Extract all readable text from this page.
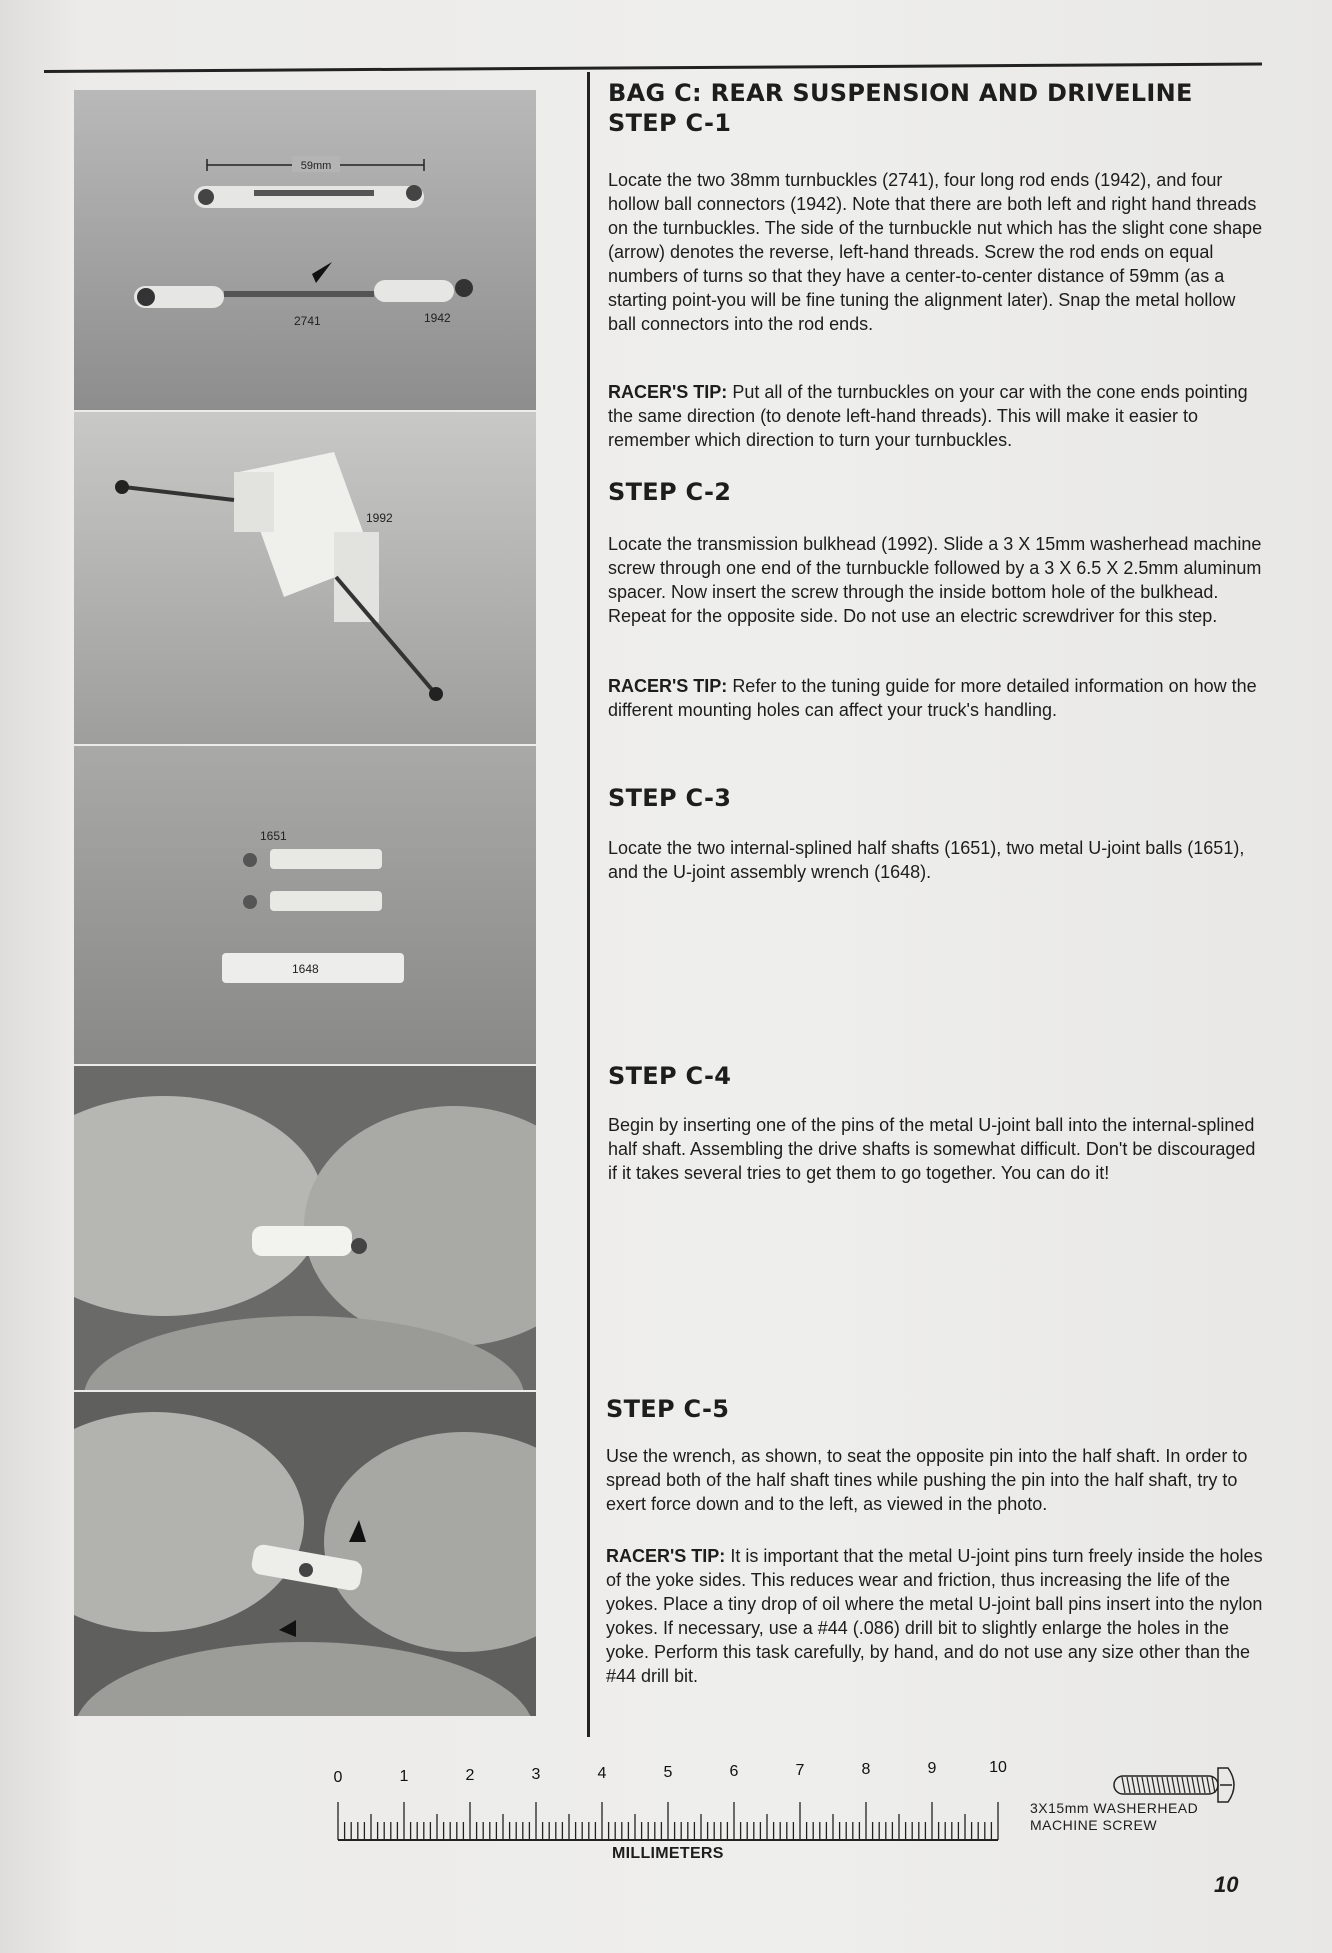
59mm
2741	1942
1992
1651
1648
BAG C: REAR SUSPENSION AND DRIVELINE
STEP C-1

Locate the two 38mm turnbuckles (2741), four long rod ends (1942), and four hollow ball connectors (1942). Note that there are both left and right hand threads on the turnbuckles. The side of the turnbuckle nut which has the slight cone shape (arrow) denotes the reverse, left-hand threads. Screw the rod ends on equal numbers of turns so that they have a center-to-center distance of 59mm (as a starting point-you will be fine tuning the alignment later). Snap the metal hollow ball connectors into the rod ends.

RACER'S TIP: Put all of the turnbuckles on your car with the cone ends pointing the same direction (to denote left-hand threads). This will make it easier to remember which direction to turn your turnbuckles.

STEP C-2

Locate the transmission bulkhead (1992). Slide a 3 X 15mm washerhead machine screw through one end of the turnbuckle followed by a 3 X 6.5 X 2.5mm aluminum spacer. Now insert the screw through the inside bottom hole of the bulkhead. Repeat for the opposite side. Do not use an electric screwdriver for this step.

RACER'S TIP: Refer to the tuning guide for more detailed information on how the different mounting holes can affect your truck's handling.

STEP C-3

Locate the two internal-splined half shafts (1651), two metal U-joint balls (1651), and the U-joint assembly wrench (1648).

STEP C-4

Begin by inserting one of the pins of the metal U-joint ball into the internal-splined half shaft. Assembling the drive shafts is somewhat difficult. Don't be discouraged if it takes several tries to get them to go together. You can do it!

STEP C-5

Use the wrench, as shown, to seat the opposite pin into the half shaft. In order to spread both of the half shaft tines while pushing the pin into the half shaft, try to exert force down and to the left, as viewed in the photo.

RACER'S TIP: It is important that the metal U-joint pins turn freely inside the holes of the yoke sides. This reduces wear and friction, thus increasing the life of the yokes. Place a tiny drop of oil where the metal U-joint ball pins insert into the nylon yokes. If necessary, use a #44 (.086) drill bit to slightly enlarge the holes in the yoke. Perform this task carefully, by hand, and do not use any size other than the #44 drill bit.

0	1	2	3	4	5	6	7	8	9	10
MILLIMETERS
3X15mm WASHERHEAD
MACHINE SCREW
10
